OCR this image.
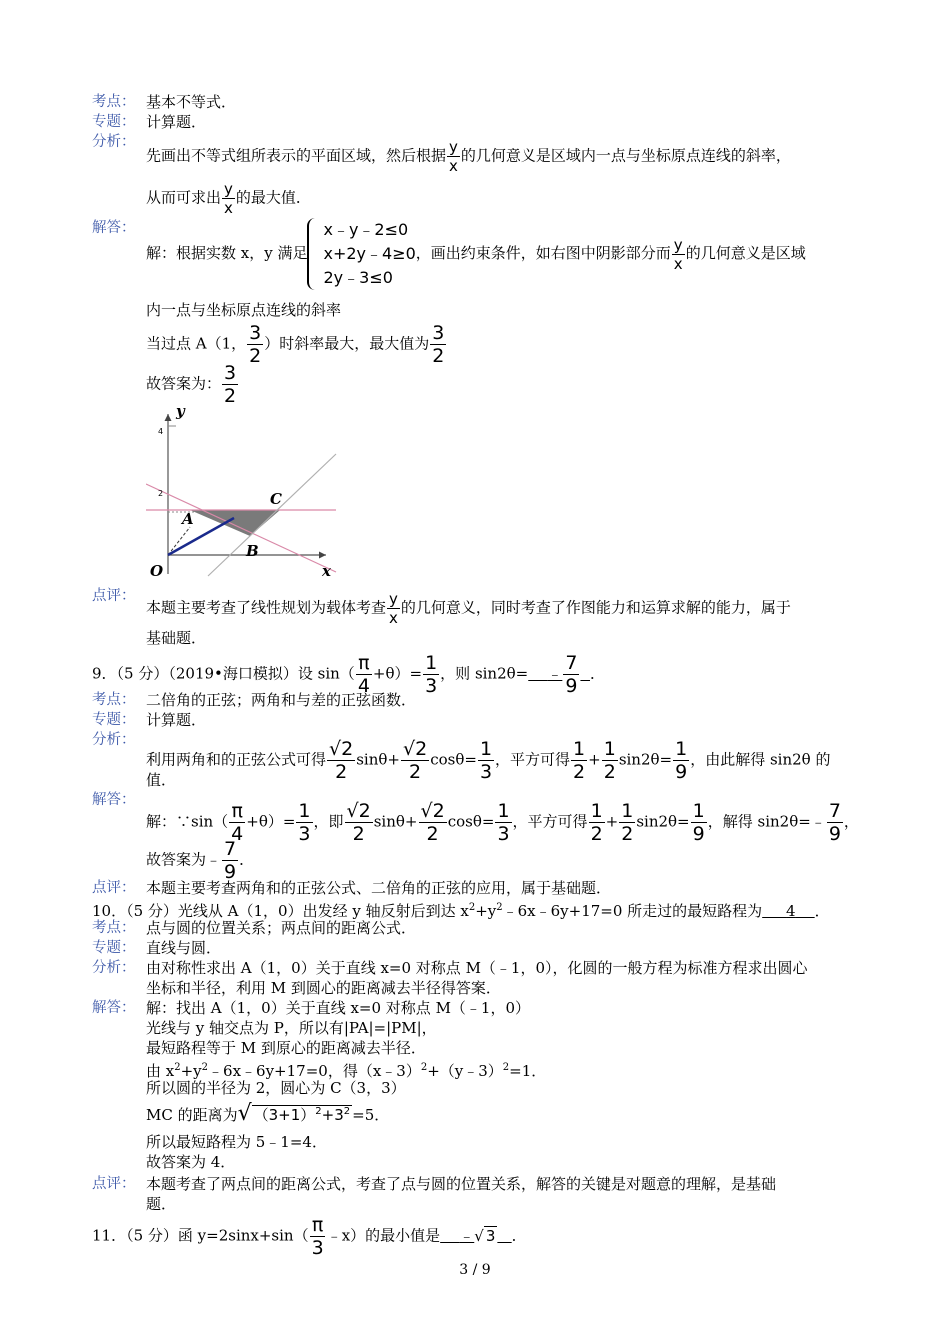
考点： 基本不等式．
专题： 计算题．
分析：
先画出不等式组所表示的平面区域，然后根据 $\frac{y}{x}$ 的几何意义是区域内一点与坐标原点连线的斜率，
从而可求出 $\frac{y}{x}$ 的最大值．
解答：
解：根据实数 x，y 满足
x﹣y﹣2≤0
x+2y﹣4≥0
2y﹣3≤0
，画出约束条件，如右图中阴影部分而 $\frac{y}{x}$ 的几何意义是区域
内一点与坐标原点连线的斜率
当过点 A（1， $\frac{3}{2}$ ）时斜率最大，最大值为 $\frac{3}{2}$
故答案为： $\frac{3}{2}$
y
x
4
2
A
B
C
O
点评：
本题主要考查了线性规划为载体考查 $\frac{y}{x}$ 的几何意义，同时考查了作图能力和运算求解的能力，属于
基础题．
9．（5 分）（2019•海口模拟）设 $\sin( \frac{\pi}{4} +\theta)= \frac{1}{3}$ ，则 sin2θ= ﹣ $\frac{7}{9}$ ．
考点： 二倍角的正弦；两角和与差的正弦函数．
专题： 计算题．
分析：
利用两角和的正弦公式可得 $\frac{√2}{2} \sin\theta+ \frac{√2}{2} \cos\theta= \frac{1}{3}$ ，平方可得 $\frac{1}{2} + \frac{1}{2} \sin 2\theta= \frac{1}{9}$ ，由此解得 sin2θ 的
值．
解答：
解：∵sin（ $\frac{\pi}{4} +\theta)= \frac{1}{3}$ ，即 $\frac{√2}{2} \sin\theta+ \frac{√2}{2} \cos\theta= \frac{1}{3}$ ，平方可得 $\frac{1}{2} + \frac{1}{2} \sin 2\theta= \frac{1}{9}$ ，解得 sin2θ=﹣ $\frac{7}{9}$ ，
故答案为﹣ $\frac{7}{9}$ ．
点评： 本题主要考查两角和的正弦公式、二倍角的正弦的应用，属于基础题．
10．（5 分）光线从 A（1，0）出发经 y 轴反射后到达 $x^2+y^2﹣6x﹣6y+17=0$ 所走过的最短路程为 4 ．
考点： 点与圆的位置关系；两点间的距离公式．
专题： 直线与圆．
分析： 由对称性求出 A（1，0）关于直线 x=0 对称点 M（﹣1，0），化圆的一般方程为标准方程求出圆心
坐标和半径，利用 M 到圆心的距离减去半径得答案．
解答： 解：找出 A（1，0）关于直线 x=0 对称点 M（﹣1，0）
光线与 y 轴交点为 P，所以有|PA|=|PM|，
最短路程等于 M 到原心的距离减去半径．
由 $x^2+y^2﹣6x﹣6y+17=0$，得（x﹣3）$^2$+（y﹣3）$^2$=1．
所以圆的半径为 2，圆心为 C（3，3）
MC 的距离为√ $(3+1)^2+3^2 =5$．
所以最短路程为 5﹣1=4．
故答案为 4．
点评： 本题考查了两点间的距离公式，考查了点与圆的位置关系，解答的关键是对题意的理解，是基础
题．
11．（5 分）函 $y=2\sin x+\sin( \frac{\pi}{3}$ ﹣x）的最小值是 ﹣√ 3 ．
3 / 9
